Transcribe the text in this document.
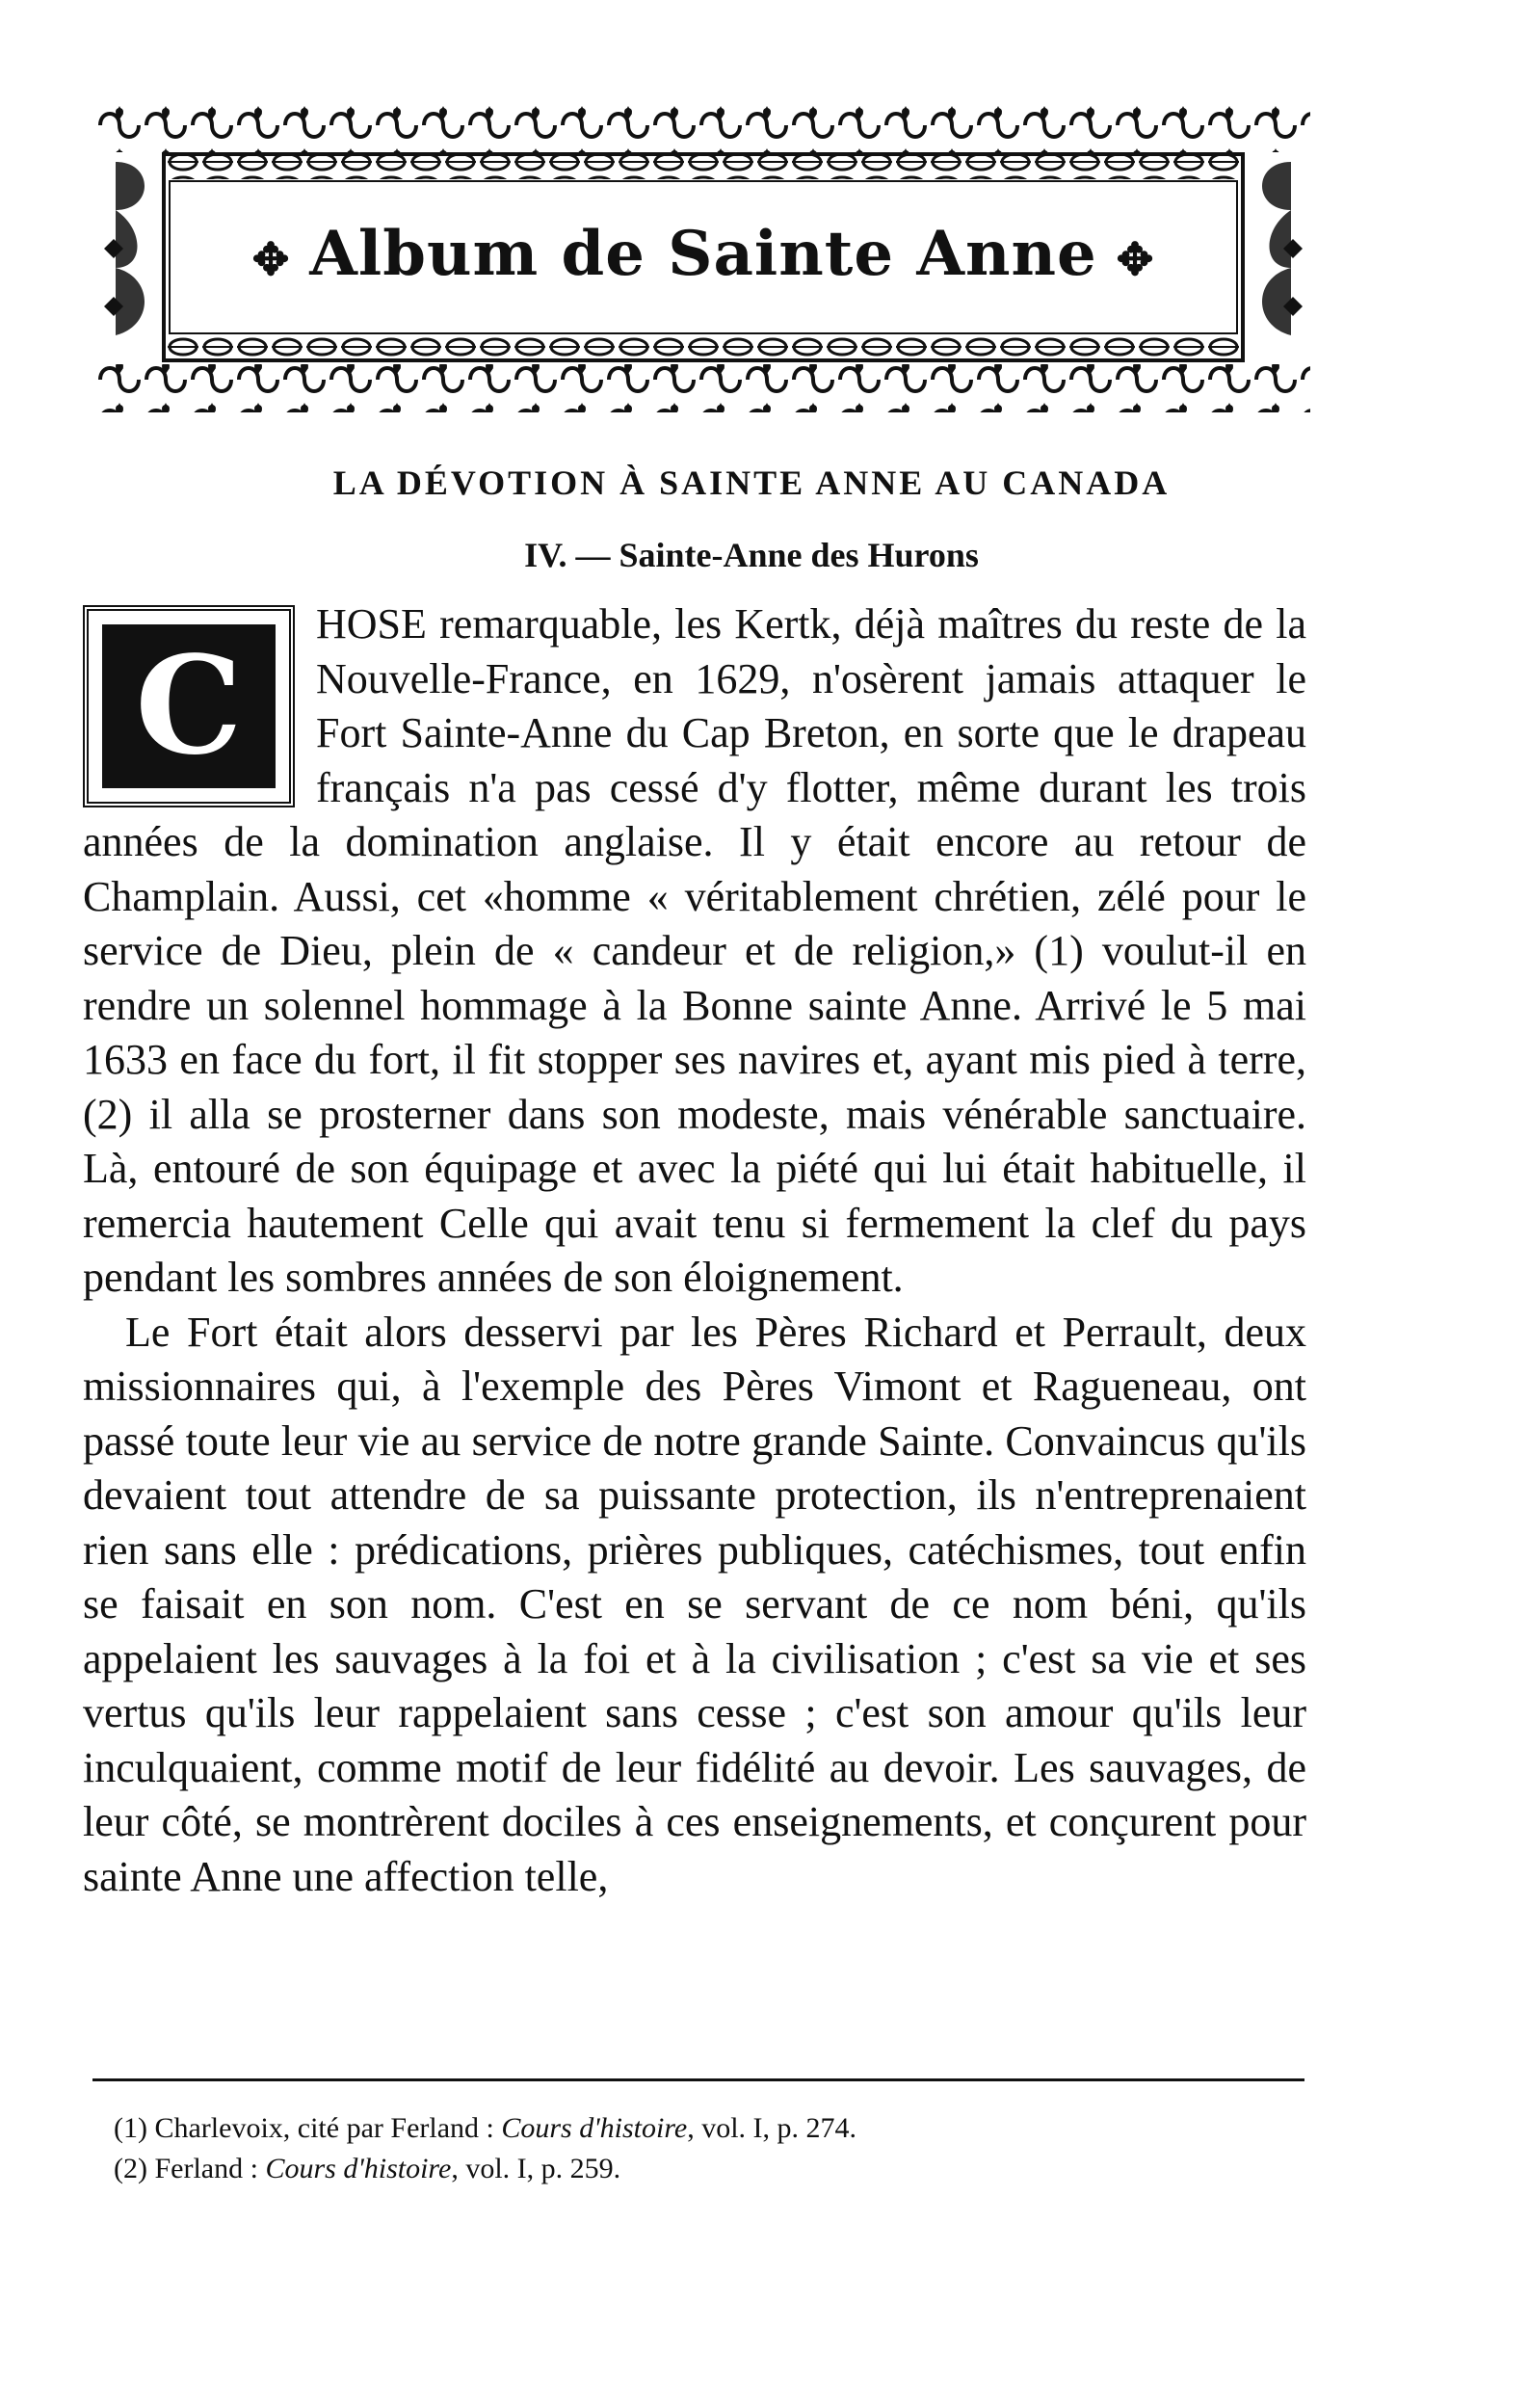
✥ Album de Sainte Anne ✥
LA DÉVOTION À SAINTE ANNE AU CANADA
IV. — Sainte-Anne des Hurons
C

HOSE remarquable, les Kertk, déjà maîtres du reste de la Nouvelle-France, en 1629, n'osèrent jamais attaquer le Fort Sainte-Anne du Cap Breton, en sorte que le drapeau français n'a pas cessé d'y flotter, même durant les trois années de la domination anglaise. Il y était encore au retour de Champlain. Aussi, cet «homme « véritablement chrétien, zélé pour le service de Dieu, plein de « candeur et de religion,» (1) voulut-il en rendre un solennel hommage à la Bonne sainte Anne. Arrivé le 5 mai 1633 en face du fort, il fit stopper ses navires et, ayant mis pied à terre, (2) il alla se prosterner dans son modeste, mais vénérable sanctuaire. Là, entouré de son équipage et avec la piété qui lui était habituelle, il remercia hautement Celle qui avait tenu si fermement la clef du pays pendant les sombres années de son éloignement.

Le Fort était alors desservi par les Pères Richard et Perrault, deux missionnaires qui, à l'exemple des Pères Vimont et Ragueneau, ont passé toute leur vie au service de notre grande Sainte. Convaincus qu'ils devaient tout attendre de sa puissante protection, ils n'entreprenaient rien sans elle : prédications, prières publiques, catéchismes, tout enfin se faisait en son nom. C'est en se servant de ce nom béni, qu'ils appelaient les sauvages à la foi et à la civilisation ; c'est sa vie et ses vertus qu'ils leur rappelaient sans cesse ; c'est son amour qu'ils leur inculquaient, comme motif de leur fidélité au devoir. Les sauvages, de leur côté, se montrèrent dociles à ces enseignements, et conçurent pour sainte Anne une affection telle,

(1) Charlevoix, cité par Ferland : Cours d'histoire, vol. I, p. 274.

(2) Ferland : Cours d'histoire, vol. I, p. 259.
